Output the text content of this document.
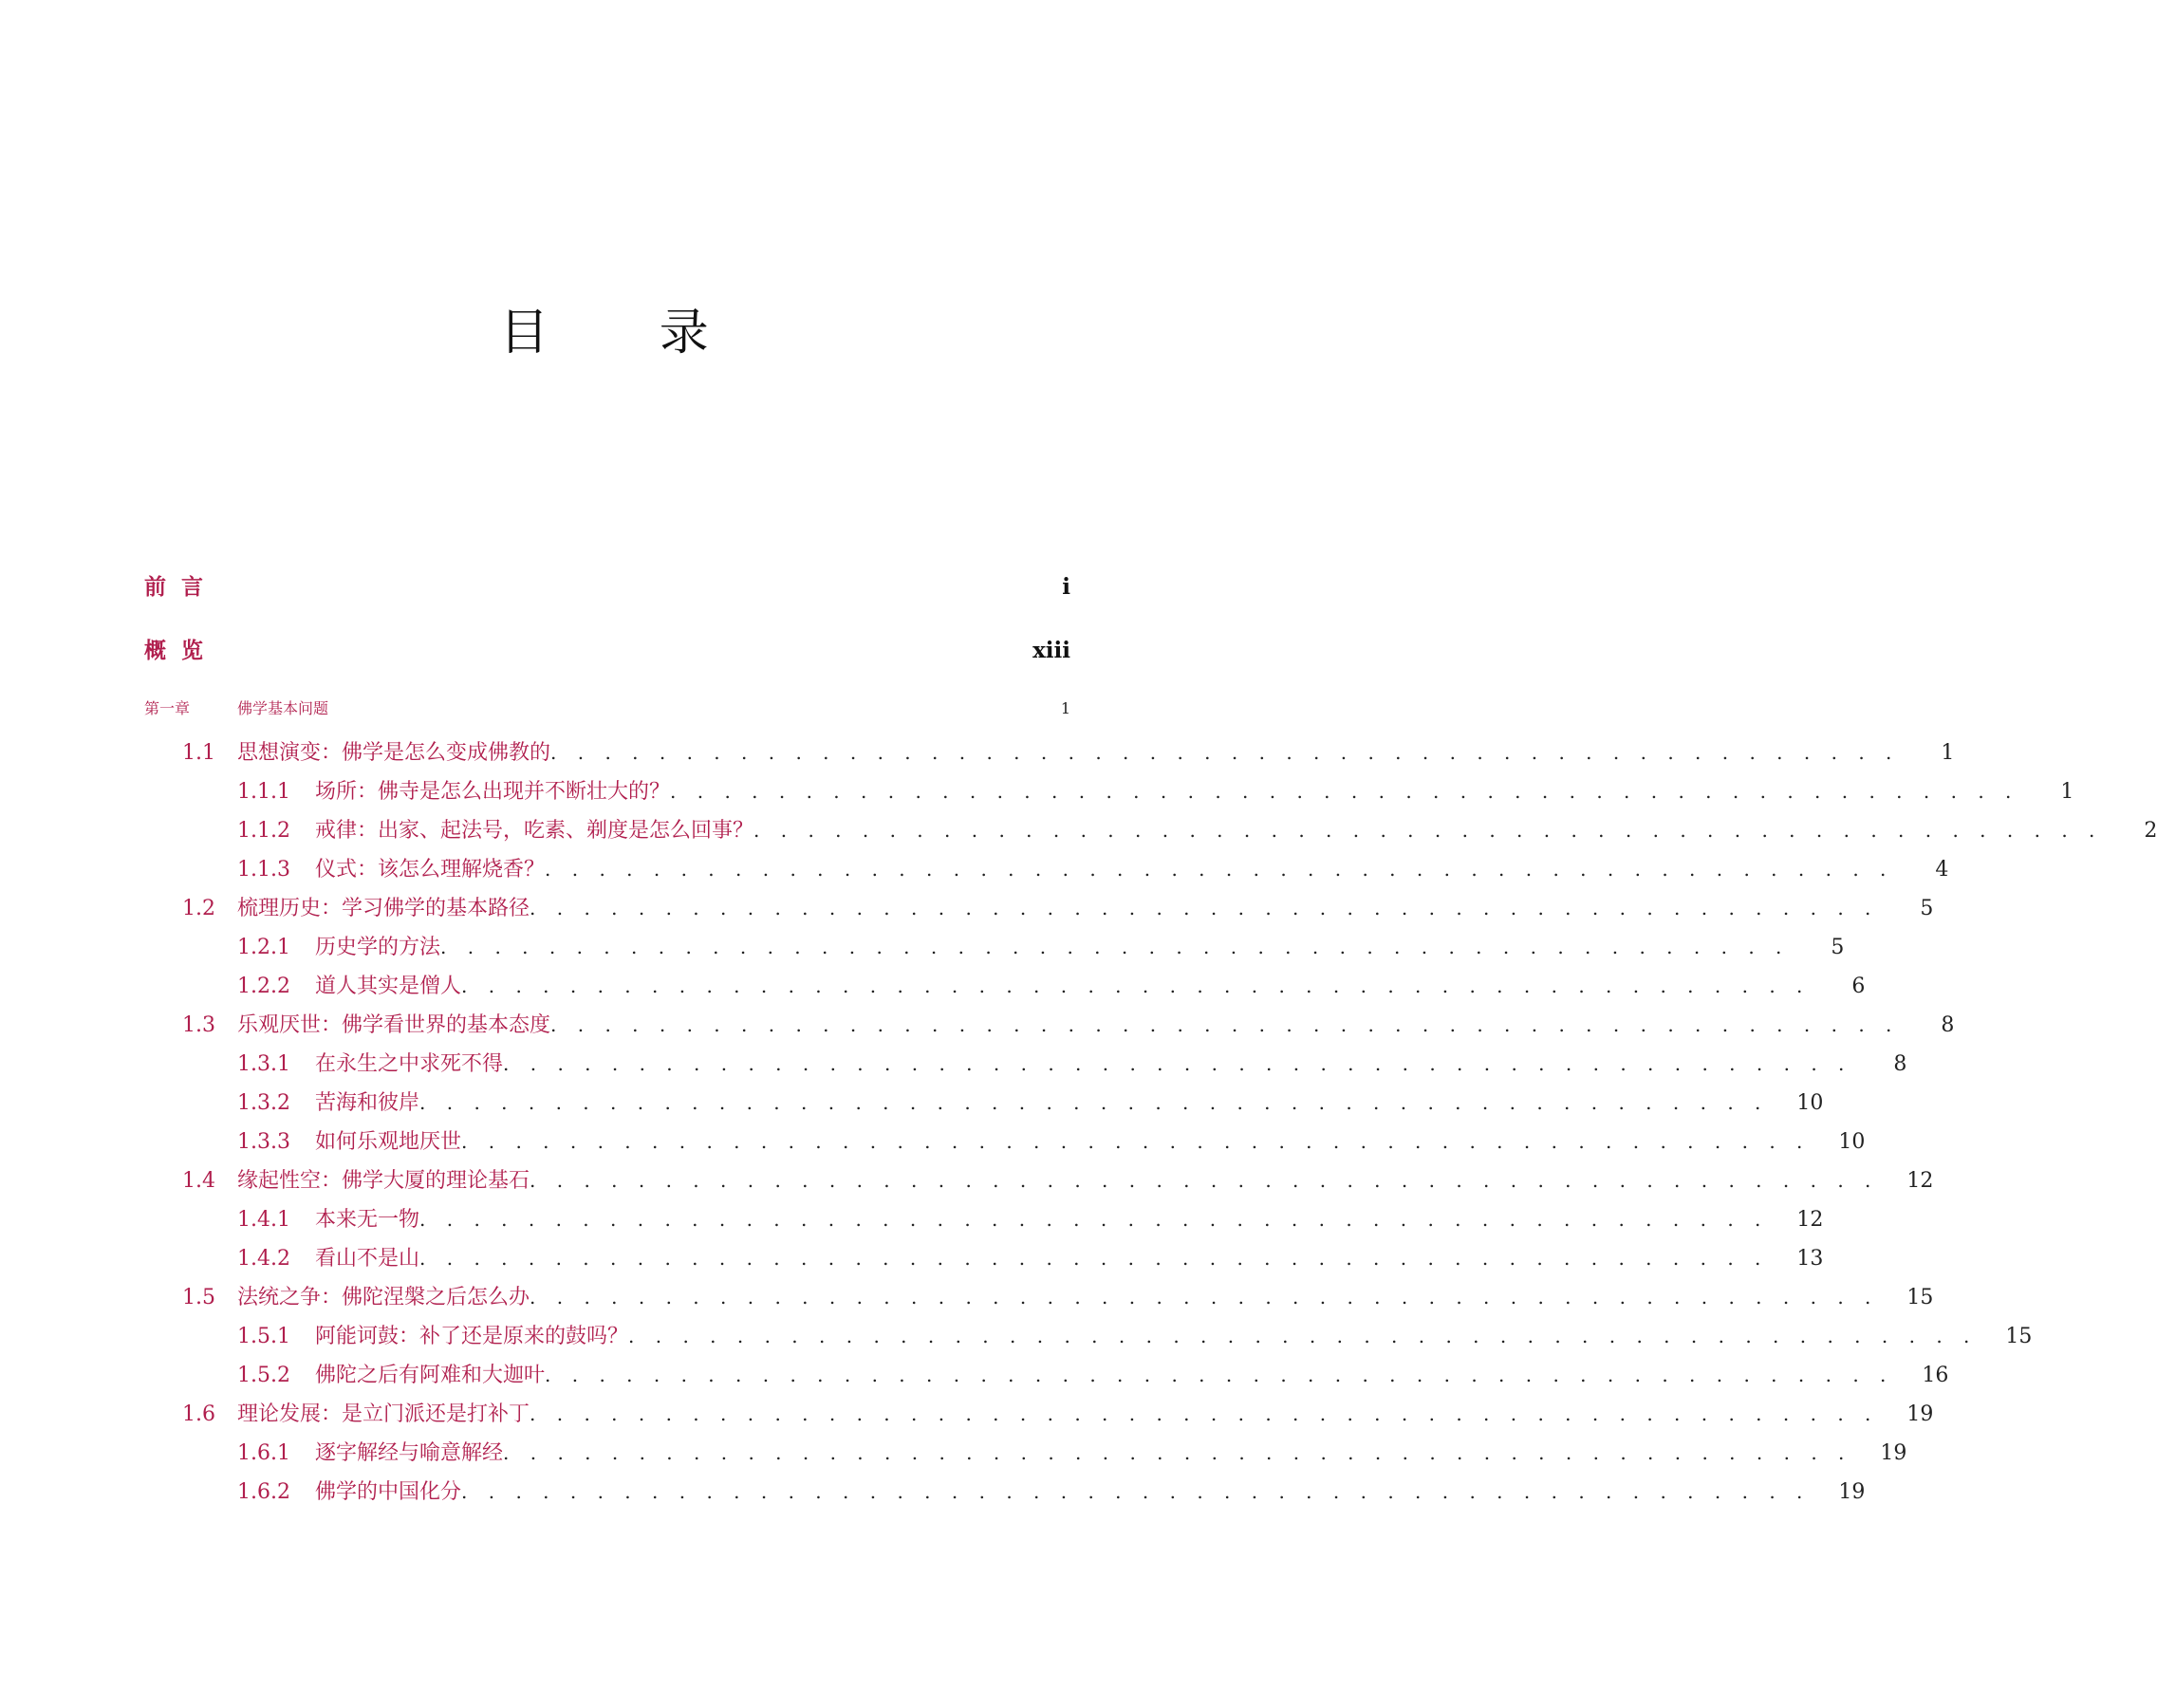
目 录
前言	i
概览	xiii
第一章	佛学基本问题	1
1.1	思想演变：佛学是怎么变成佛教的 . . . . . . . . . . . . . . . . . . . . . . . . . . . . . . . . . . . . . . . . . . . . . . . . . .	1
1.1.1	场所：佛寺是怎么出现并不断壮大的？ . . . . . . . . . . . . . . . . . . . . . . . . . . . . . . . . . . . . . . . . . . . . . . . . . .	1
1.1.2	戒律：出家、起法号，吃素、剃度是怎么回事？ . . . . . . . . . . . . . . . . . . . . . . . . . . . . . . . . . . . . . . . . . . . . . . . . . .	2
1.1.3	仪式：该怎么理解烧香？ . . . . . . . . . . . . . . . . . . . . . . . . . . . . . . . . . . . . . . . . . . . . . . . . . .	4
1.2	梳理历史：学习佛学的基本路径 . . . . . . . . . . . . . . . . . . . . . . . . . . . . . . . . . . . . . . . . . . . . . . . . . .	5
1.2.1	历史学的方法 . . . . . . . . . . . . . . . . . . . . . . . . . . . . . . . . . . . . . . . . . . . . . . . . . .	5
1.2.2	道人其实是僧人 . . . . . . . . . . . . . . . . . . . . . . . . . . . . . . . . . . . . . . . . . . . . . . . . . .	6
1.3	乐观厌世：佛学看世界的基本态度 . . . . . . . . . . . . . . . . . . . . . . . . . . . . . . . . . . . . . . . . . . . . . . . . . .	8
1.3.1	在永生之中求死不得 . . . . . . . . . . . . . . . . . . . . . . . . . . . . . . . . . . . . . . . . . . . . . . . . . .	8
1.3.2	苦海和彼岸 . . . . . . . . . . . . . . . . . . . . . . . . . . . . . . . . . . . . . . . . . . . . . . . . . .	10
1.3.3	如何乐观地厌世 . . . . . . . . . . . . . . . . . . . . . . . . . . . . . . . . . . . . . . . . . . . . . . . . . .	10
1.4	缘起性空：佛学大厦的理论基石 . . . . . . . . . . . . . . . . . . . . . . . . . . . . . . . . . . . . . . . . . . . . . . . . . .	12
1.4.1	本来无一物 . . . . . . . . . . . . . . . . . . . . . . . . . . . . . . . . . . . . . . . . . . . . . . . . . .	12
1.4.2	看山不是山 . . . . . . . . . . . . . . . . . . . . . . . . . . . . . . . . . . . . . . . . . . . . . . . . . .	13
1.5	法统之争：佛陀涅槃之后怎么办 . . . . . . . . . . . . . . . . . . . . . . . . . . . . . . . . . . . . . . . . . . . . . . . . . .	15
1.5.1	阿能诃鼓：补了还是原来的鼓吗？ . . . . . . . . . . . . . . . . . . . . . . . . . . . . . . . . . . . . . . . . . . . . . . . . . .	15
1.5.2	佛陀之后有阿难和大迦叶 . . . . . . . . . . . . . . . . . . . . . . . . . . . . . . . . . . . . . . . . . . . . . . . . . .	16
1.6	理论发展：是立门派还是打补丁 . . . . . . . . . . . . . . . . . . . . . . . . . . . . . . . . . . . . . . . . . . . . . . . . . .	19
1.6.1	逐字解经与喻意解经 . . . . . . . . . . . . . . . . . . . . . . . . . . . . . . . . . . . . . . . . . . . . . . . . . .	19
1.6.2	佛学的中国化分 . . . . . . . . . . . . . . . . . . . . . . . . . . . . . . . . . . . . . . . . . . . . . . . . . .	19
